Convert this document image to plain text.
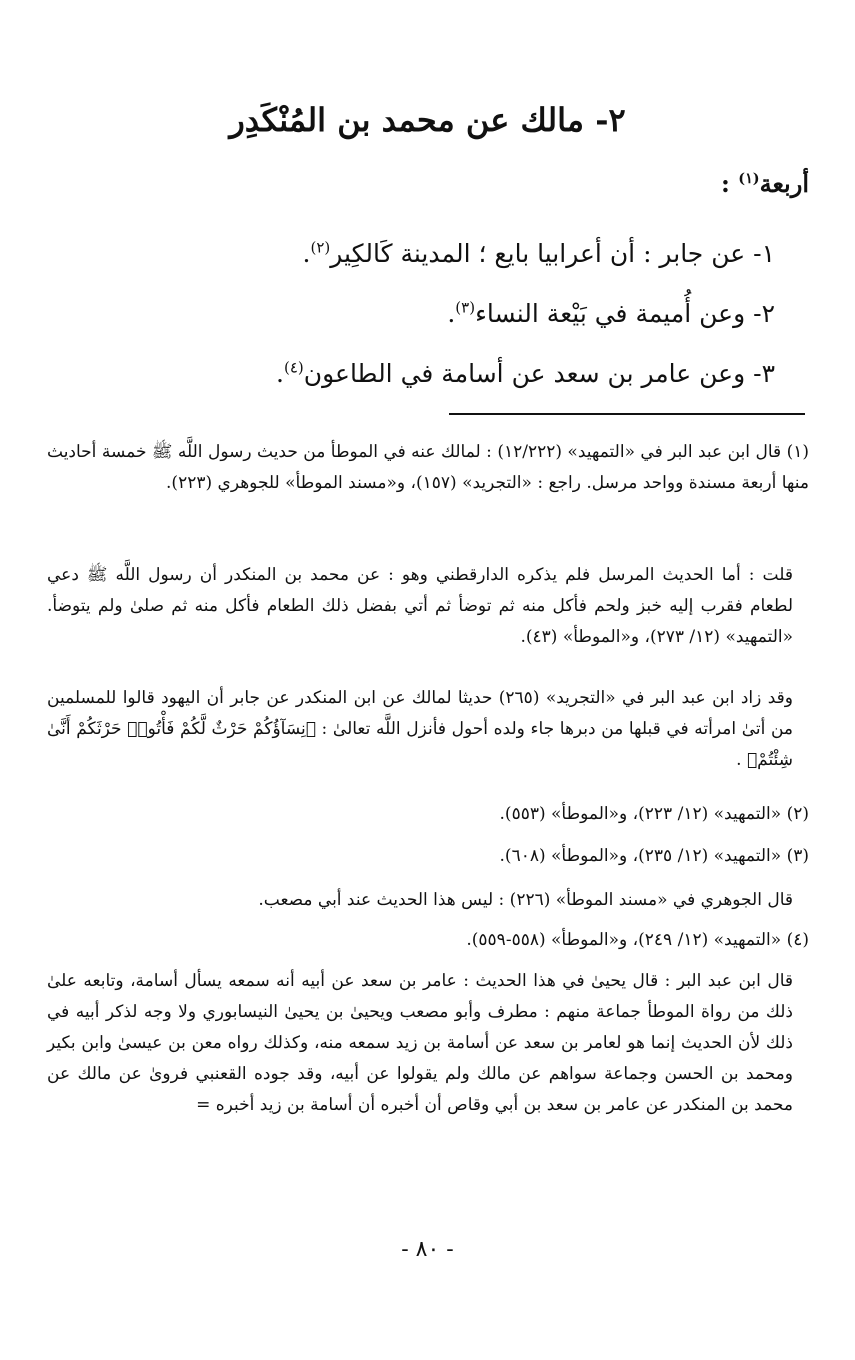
٢- مالك عن محمد بن المُنْكَدِر
أربعة$^{(١)}$ :
١- عن جابر : أن أعرابيا بايع ؛ المدينة كَالكِير$^{(٢)}$.
٢- وعن أُميمة في بَيْعة النساء$^{(٣)}$.
٣- وعن عامر بن سعد عن أسامة في الطاعون$^{(٤)}$.
(١) قال ابن عبد البر في «التمهيد» (١٢/٢٢٢) : لمالك عنه في الموطأ من حديث رسول اللَّه ﷺ خمسة أحاديث منها أربعة مسندة وواحد مرسل. راجع : «التجريد» (١٥٧)، و«مسند الموطأ» للجوهري (٢٢٣).
قلت : أما الحديث المرسل فلم يذكره الدارقطني وهو : عن محمد بن المنكدر أن رسول اللَّه ﷺ دعي لطعام فقرب إليه خبز ولحم فأكل منه ثم توضأ ثم أتي بفضل ذلك الطعام فأكل منه ثم صلىٰ ولم يتوضأ. «التمهيد» (١٢/ ٢٧٣)، و«الموطأ» (٤٣).
وقد زاد ابن عبد البر في «التجريد» (٢٦٥) حديثا لمالك عن ابن المنكدر عن جابر أن اليهود قالوا للمسلمين من أتىٰ امرأته في قبلها من دبرها جاء ولده أحول فأنزل اللَّه تعالىٰ : ﴿نِسَآؤُكُمْ حَرْثٌ لَّكُمْ فَأْتُوا۟ حَرْثَكُمْ أَنَّىٰ شِئْتُمْ﴾ .
(٢) «التمهيد» (١٢/ ٢٢٣)، و«الموطأ» (٥٥٣).
(٣) «التمهيد» (١٢/ ٢٣٥)، و«الموطأ» (٦٠٨).
قال الجوهري في «مسند الموطأ» (٢٢٦) : ليس هذا الحديث عند أبي مصعب.
(٤) «التمهيد» (١٢/ ٢٤٩)، و«الموطأ» (٥٥٨-٥٥٩).
قال ابن عبد البر : قال يحيىٰ في هذا الحديث : عامر بن سعد عن أبيه أنه سمعه يسأل أسامة، وتابعه علىٰ ذلك من رواة الموطأ جماعة منهم : مطرف وأبو مصعب ويحيىٰ بن يحيىٰ النيسابوري ولا وجه لذكر أبيه في ذلك لأن الحديث إنما هو لعامر بن سعد عن أسامة بن زيد سمعه منه، وكذلك رواه معن بن عيسىٰ وابن بكير ومحمد بن الحسن وجماعة سواهم عن مالك ولم يقولوا عن أبيه، وقد جوده القعنبي فروىٰ عن مالك عن محمد بن المنكدر عن عامر بن سعد بن أبي وقاص أن أخبره أن أسامة بن زيد أخبره =
- ٨٠ -
